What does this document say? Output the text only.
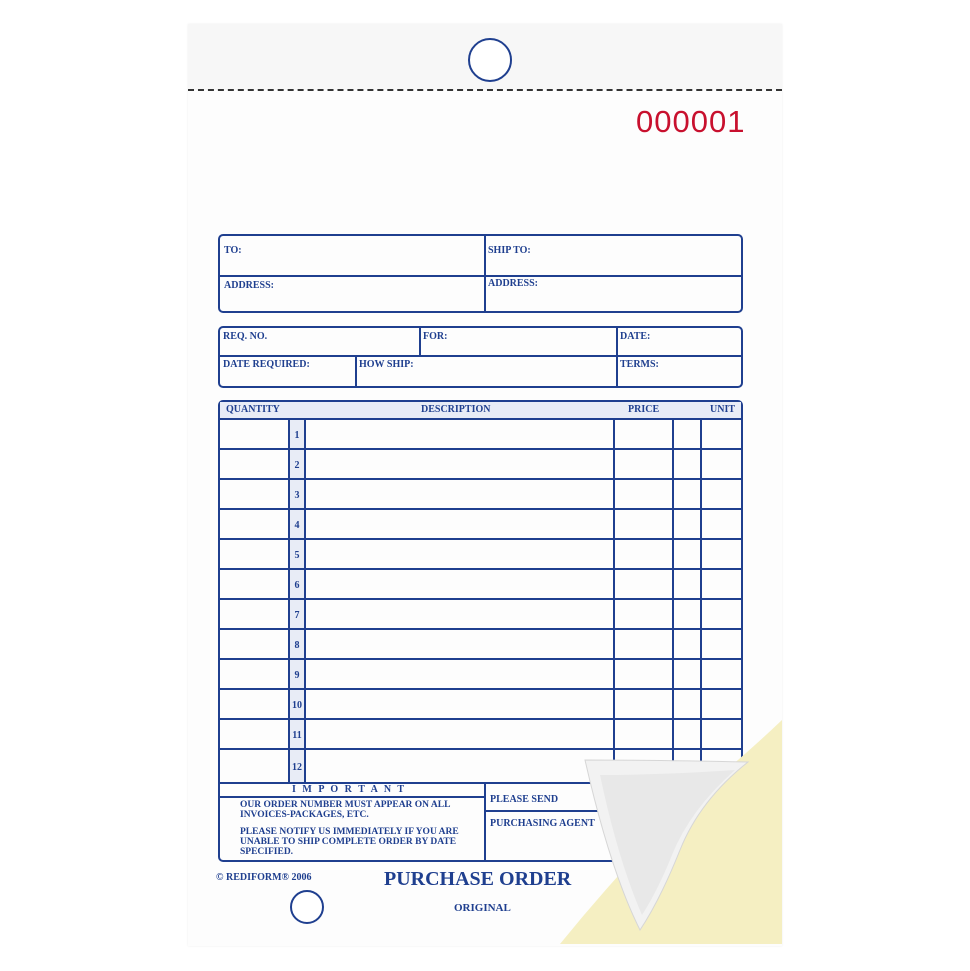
000001
TO:	SHIP TO:
ADDRESS:	ADDRESS:
REQ. NO.	FOR:	DATE:
DATE REQUIRED:	HOW SHIP:	TERMS:
QUANTITY	DESCRIPTION	PRICE	UNIT
1
2
3
4
5
6
7
8
9
10
11
12
I M P O R T A N T
OUR ORDER NUMBER MUST APPEAR ON ALL
INVOICES-PACKAGES, ETC.
PLEASE NOTIFY US IMMEDIATELY IF YOU ARE
UNABLE TO SHIP COMPLETE ORDER BY DATE
SPECIFIED.
PLEASE SEND
PURCHASING AGENT
© REDIFORM® 2006	PURCHASE ORDER
ORIGINAL
